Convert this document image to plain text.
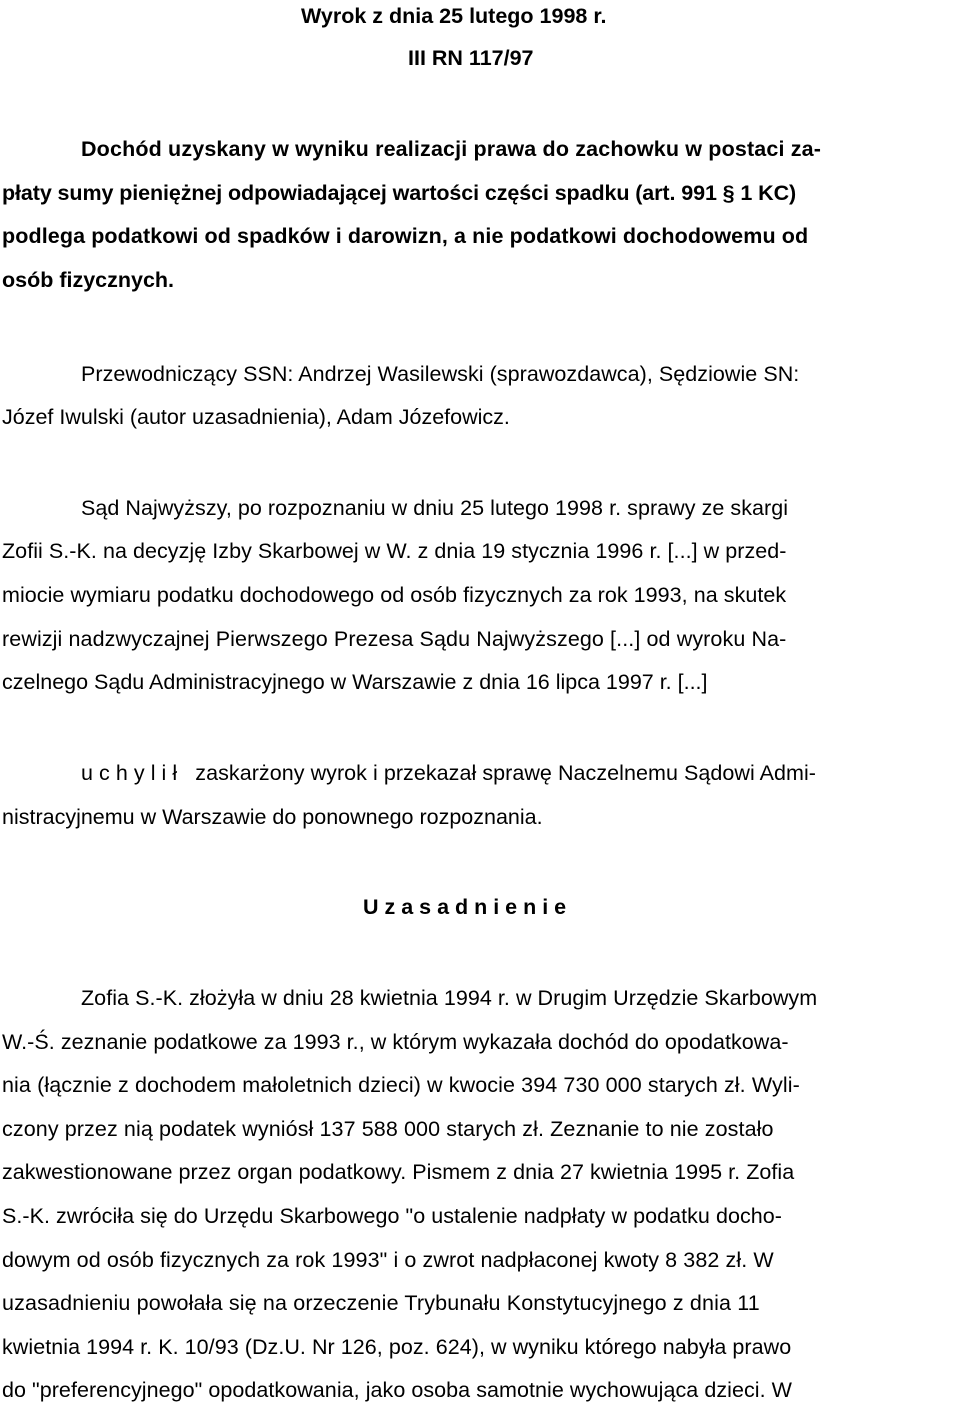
Wyrok z dnia 25 lutego 1998 r.
III RN 117/97
Dochód uzyskany w wyniku realizacji prawa do zachowku w postaci za-
płaty sumy pieniężnej odpowiadającej wartości części spadku (art. 991 § 1 KC)
podlega podatkowi od spadków i darowizn, a nie podatkowi dochodowemu od
osób fizycznych.
Przewodniczący SSN: Andrzej Wasilewski (sprawozdawca), Sędziowie SN:
Józef Iwulski (autor uzasadnienia), Adam Józefowicz.
Sąd Najwyższy, po rozpoznaniu w dniu 25 lutego 1998 r. sprawy ze skargi
Zofii S.-K. na decyzję Izby Skarbowej w W. z dnia 19 stycznia 1996 r. [...] w przed-
miocie wymiaru podatku dochodowego od osób fizycznych za rok 1993, na skutek
rewizji nadzwyczajnej Pierwszego Prezesa Sądu Najwyższego [...] od wyroku Na-
czelnego Sądu Administracyjnego w Warszawie z dnia 16 lipca 1997 r. [...]
u c h y l i ł   zaskarżony wyrok i przekazał sprawę Naczelnemu Sądowi Admi-
nistracyjnemu w Warszawie do ponownego rozpoznania.
U z a s a d n i e n i e
Zofia S.-K. złożyła w dniu 28 kwietnia 1994 r. w Drugim Urzędzie Skarbowym
W.-Ś. zeznanie podatkowe za 1993 r., w którym wykazała dochód do opodatkowa-
nia (łącznie z dochodem małoletnich dzieci) w kwocie 394 730 000 starych zł. Wyli-
czony przez nią podatek wyniósł 137 588 000 starych zł. Zeznanie to nie zostało
zakwestionowane przez organ podatkowy. Pismem z dnia 27 kwietnia 1995 r. Zofia
S.-K. zwróciła się do Urzędu Skarbowego "o ustalenie nadpłaty w podatku docho-
dowym od osób fizycznych za rok 1993" i o zwrot nadpłaconej kwoty 8 382 zł. W
uzasadnieniu powołała się na orzeczenie Trybunału Konstytucyjnego z dnia 11
kwietnia 1994 r. K. 10/93 (Dz.U. Nr 126, poz. 624), w wyniku którego nabyła prawo
do "preferencyjnego" opodatkowania, jako osoba samotnie wychowująca dzieci. W
